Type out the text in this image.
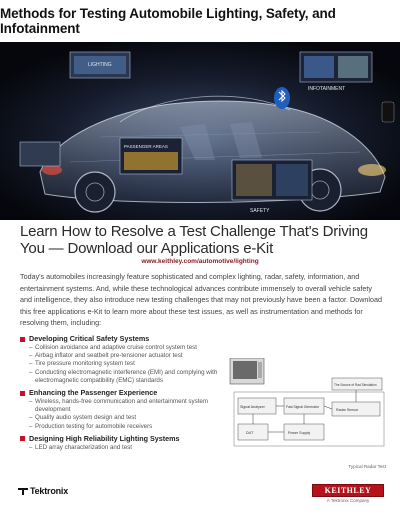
Methods for Testing Automobile Lighting, Safety, and Infotainment
LIGHTING
INFOTAINMENT
PASSENGER AREAS
SAFETY
Learn How to Resolve a Test Challenge That's Driving You — Download our Applications e-Kit
www.keithley.com/automotive/lighting

Today's automobiles increasingly feature sophisticated and complex lighting, radar, safety, information, and entertainment systems. And, while these technological advances contribute immensely to overall vehicle safety and intelligence, they also introduce new testing challenges that may not previously have been a factor. Download this free applications e-Kit to learn more about these test issues, as well as instrumentation and methods for resolving them, including:

Developing Critical Safety Systems
– Collision avoidance and adaptive cruise control system test
– Airbag inflator and seatbelt pre-tensioner actuator test
– Tire pressure monitoring system test
– Conducting electromagnetic interference (EMI) and complying with electromagnetic compatibility (EMC) standards
Enhancing the Passenger Experience
– Wireless, hands-free communication and entertainment system development
– Quality audio system design and test
– Production testing for automobile receivers
Designing High Reliability Lighting Systems
– LED array characterization and test
Signal Analyzer	Fast Signal Generator
The Source of Rad Simulation
Radar Sensor
DUT	Power Supply
Typical Radar Test
Tektronix	KEITHLEY
A Tektronix Company
